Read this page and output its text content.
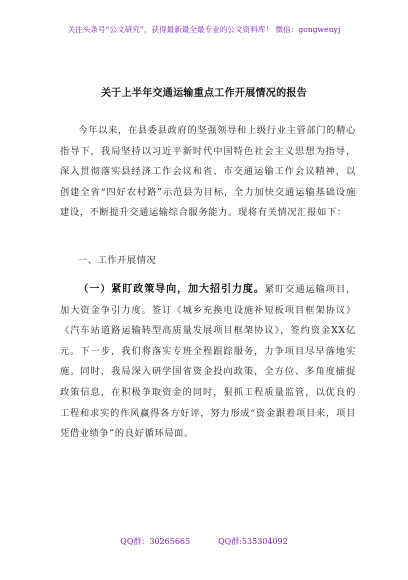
关注头条号“公文研究”，获得最新最全最专业的公文资料库！ 微信：gongwenyj
关于上半年交通运输重点工作开展情况的报告
今年以来，在县委县政府的坚强领导和上级行业主管部门的精心指导下，我局坚持以习近平新时代中国特色社会主义思想为指导，深入贯彻落实县经济工作会议和省、市交通运输工作会议精神，以创建全省“四好农村路”示范县为目标，全力加快交通运输基础设施建设，不断提升交通运输综合服务能力。现将有关情况汇报如下：
一、工作开展情况
（一）紧盯政策导向，加大招引力度。紧盯交通运输项目，加大资金争引力度。签订《城乡充换电设施补短板项目框架协议》《汽车站道路运输转型高质量发展项目框架协议》，签约资金XX亿元。下一步，我们将落实专班全程跟踪服务，力争项目尽早落地实施。同时，我局深入研学国省资金投向政策，全方位、多角度捕捉政策信息，在积极争取资金的同时，狠抓工程质量监管，以优良的工程和求实的作风赢得各方好评，努力形成“资金跟着项目来，项目凭借业绩争”的良好循环局面。
QQ群：30265665	QQ群:535304092
